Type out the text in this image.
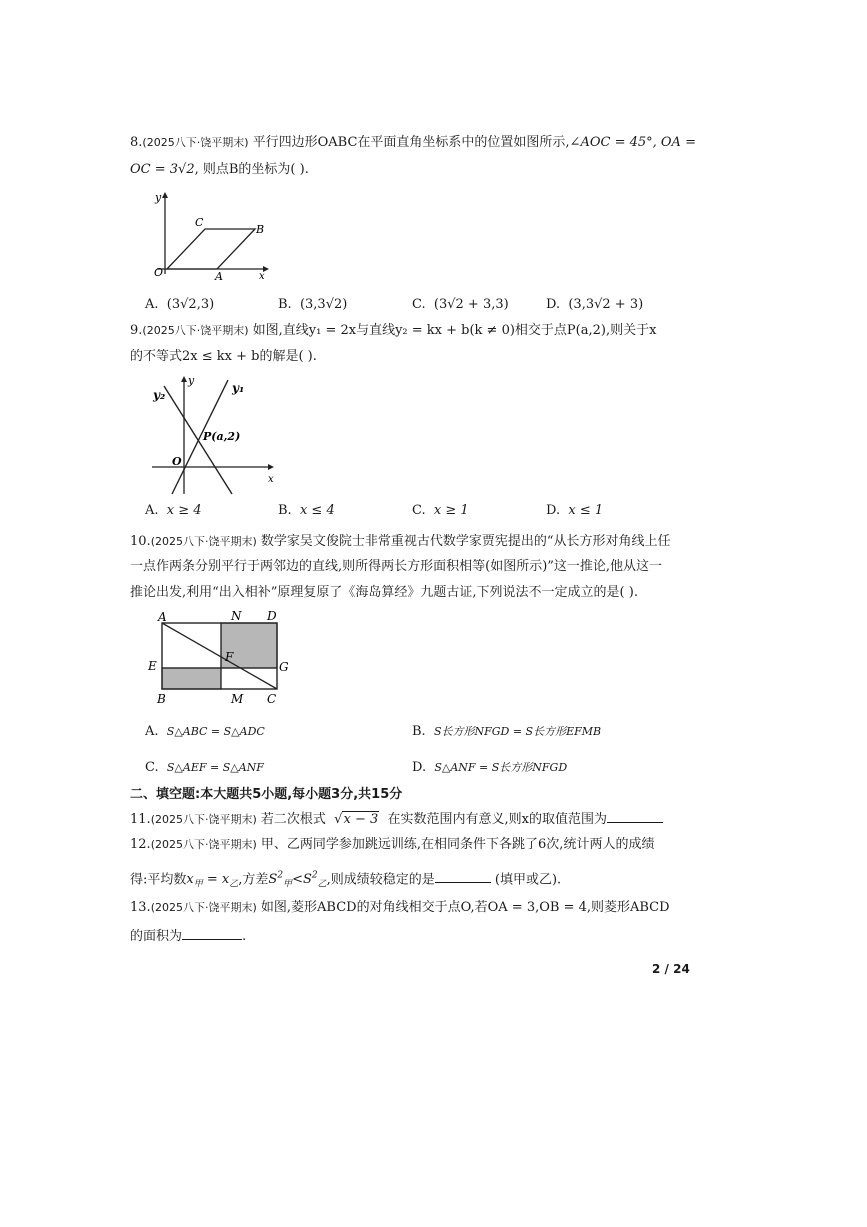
8.(2025八下·饶平期末) 平行四边形OABC在平面直角坐标系中的位置如图所示,∠AOC = 45°, OA =
OC = 3√2, 则点B的坐标为( ).
y
C
B
O	A	x
A. (3√2,3)	B. (3,3√2)	C. (3√2 + 3,3)	D. (3,3√2 + 3)
9.(2025八下·饶平期末) 如图,直线y₁ = 2x与直线y₂ = kx + b(k ≠ 0)相交于点P(a,2),则关于x
的不等式2x ≤ kx + b的解是( ).
y₂
y
y₁
P(a,2)
O
x
A. x ≥ 4	B. x ≤ 4	C. x ≥ 1	D. x ≤ 1
10.(2025八下·饶平期末) 数学家吴文俊院士非常重视古代数学家贾宪提出的“从长方形对角线上任
一点作两条分别平行于两邻边的直线,则所得两长方形面积相等(如图所示)”这一推论,他从这一
推论出发,利用“出入相补”原理复原了《海岛算经》九题古证,下列说法不一定成立的是( ).
A	N D
E
F
G
B	M C
A. S△ABC = S△ADC	B. S长方形NFGD = S长方形EFMB
C. S△AEF = S△ANF	D. S△ANF = S长方形NFGD
二、填空题:本大题共5小题,每小题3分,共15分
11.(2025八下·饶平期末) 若二次根式  √x − 3 在实数范围内有意义,则x的取值范围为
12.(2025八下·饶平期末) 甲、乙两同学参加跳远训练,在相同条件下各跳了6次,统计两人的成绩
得:平均数$x_甲 = x_乙$,方差$S^2_甲<S^2_乙$,则成绩较稳定的是	(填甲或乙).
13.(2025八下·饶平期末) 如图,菱形ABCD的对角线相交于点O,若OA = 3,OB = 4,则菱形ABCD
的面积为	.
2 / 24
